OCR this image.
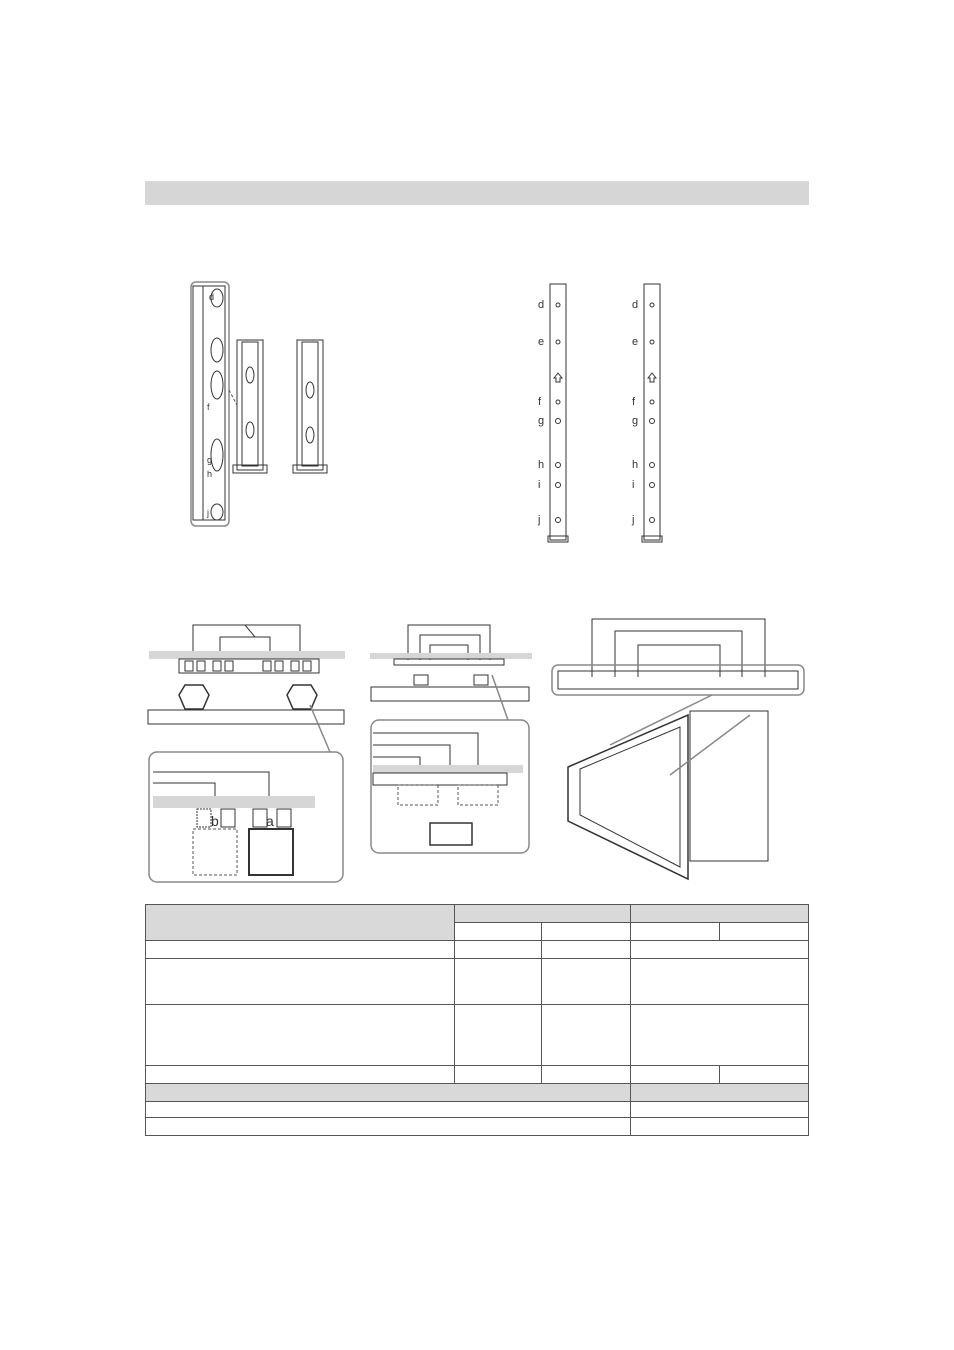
d
f
g
h
j
d
e
f
g
h
i
j
d
e
f
g
h
i
j
b	a
